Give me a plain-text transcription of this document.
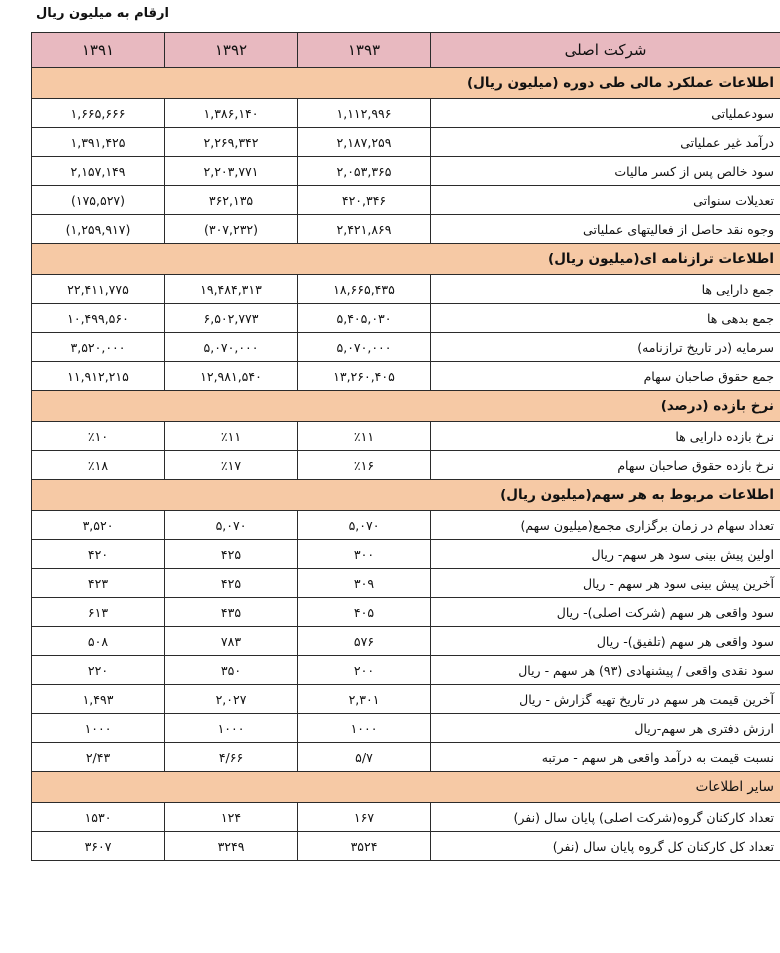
ارقام به میلیون ریال
شرکت اصلی	۱۳۹۳	۱۳۹۲	۱۳۹۱
اطلاعات عملکرد مالی طی دوره (میلیون ریال)			
سودعملیاتی	۱,۱۱۲,۹۹۶	۱,۳۸۶,۱۴۰	۱,۶۶۵,۶۶۶
درآمد غیر عملیاتی	۲,۱۸۷,۲۵۹	۲,۲۶۹,۳۴۲	۱,۳۹۱,۴۲۵
سود خالص پس از کسر مالیات	۲,۰۵۳,۳۶۵	۲,۲۰۳,۷۷۱	۲,۱۵۷,۱۴۹
تعدیلات سنواتی	۴۲۰,۳۴۶	۳۶۲,۱۳۵	(۱۷۵,۵۲۷)
وجوه نقد حاصل از فعالیتهای عملیاتی	۲,۴۲۱,۸۶۹	(۳۰۷,۲۳۲)	(۱,۲۵۹,۹۱۷)
اطلاعات ترازنامه ای(میلیون ریال)			
جمع دارایی ها	۱۸,۶۶۵,۴۳۵	۱۹,۴۸۴,۳۱۳	۲۲,۴۱۱,۷۷۵
جمع بدهی ها	۵,۴۰۵,۰۳۰	۶,۵۰۲,۷۷۳	۱۰,۴۹۹,۵۶۰
سرمایه (در تاریخ ترازنامه)	۵,۰۷۰,۰۰۰	۵,۰۷۰,۰۰۰	۳,۵۲۰,۰۰۰
جمع حقوق صاحبان سهام	۱۳,۲۶۰,۴۰۵	۱۲,۹۸۱,۵۴۰	۱۱,۹۱۲,۲۱۵
نرخ بازده (درصد)			
نرخ بازده دارایی ها	٪۱۱	٪۱۱	٪۱۰
نرخ بازده حقوق صاحبان سهام	٪۱۶	٪۱۷	٪۱۸
اطلاعات مربوط به هر سهم(میلیون ریال)			
تعداد سهام در زمان برگزاری مجمع(میلیون سهم)	۵,۰۷۰	۵,۰۷۰	۳,۵۲۰
اولین پیش بینی سود هر سهم- ریال	۳۰۰	۴۲۵	۴۲۰
آخرین پیش بینی سود هر سهم - ریال	۳۰۹	۴۲۵	۴۲۳
سود واقعی هر سهم (شرکت اصلی)- ریال	۴۰۵	۴۳۵	۶۱۳
سود واقعی هر سهم (تلفیق)- ریال	۵۷۶	۷۸۳	۵۰۸
سود نقدی واقعی / پیشنهادی (۹۳) هر سهم - ریال	۲۰۰	۳۵۰	۲۲۰
آخرین قیمت هر سهم در تاریخ تهیه گزارش - ریال	۲,۳۰۱	۲,۰۲۷	۱,۴۹۳
ارزش دفتری هر سهم-ریال	۱۰۰۰	۱۰۰۰	۱۰۰۰
نسبت قیمت به درآمد واقعی هر سهم - مرتبه	۵/۷	۴/۶۶	۲/۴۳
سایر اطلاعات			
تعداد کارکنان گروه(شرکت اصلی) پایان سال (نفر)	۱۶۷	۱۲۴	۱۵۳۰
تعداد کل کارکنان کل گروه پایان سال (نفر)	۳۵۲۴	۳۲۴۹	۳۶۰۷
